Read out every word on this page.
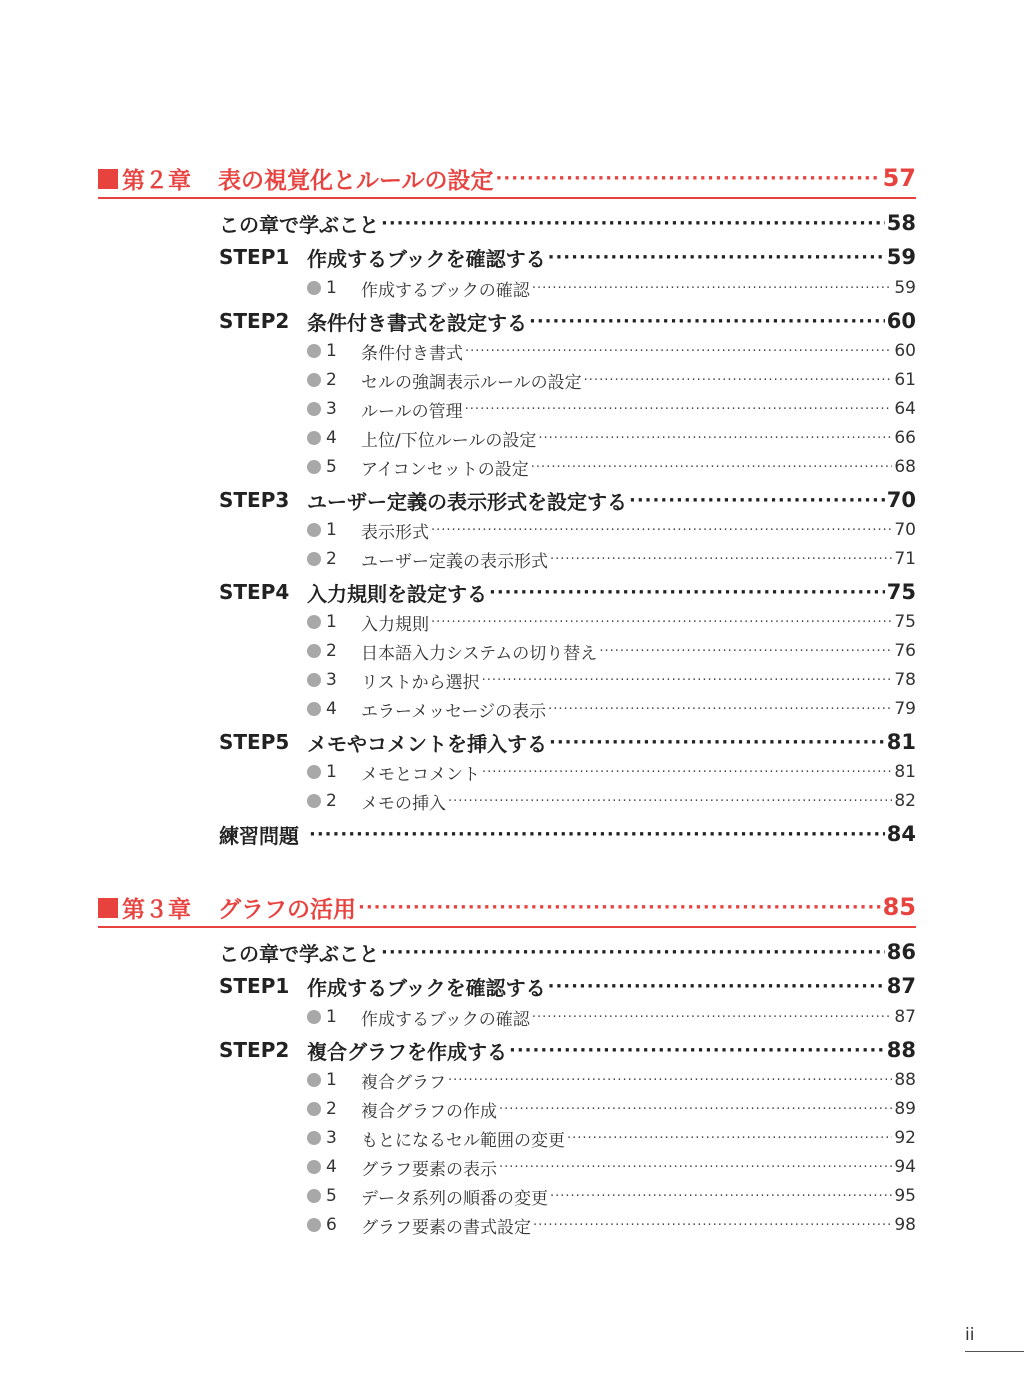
第２章	表の視覚化とルールの設定 ·····	57
この章で学ぶこと ·····	58
STEP1 作成するブックを確認する ·····	59
1	作成するブックの確認 ·····	59
STEP2 条件付き書式を設定する ·····	60
1	条件付き書式 ·····	60
2	セルの強調表示ルールの設定 ·····	61
3	ルールの管理 ·····	64
4	上位/下位ルールの設定 ·····	66
5	アイコンセットの設定 ·····	68
STEP3 ユーザー定義の表示形式を設定する ·····	70
1	表示形式 ·····	70
2	ユーザー定義の表示形式 ·····	71
STEP4 入力規則を設定する ·····	75
1	入力規則 ·····	75
2	日本語入力システムの切り替え ·····	76
3	リストから選択 ·····	78
4	エラーメッセージの表示 ·····	79
STEP5 メモやコメントを挿入する ·····	81
1	メモとコメント ·····	81
2	メモの挿入 ·····	82
練習問題 ·····	84
第３章	グラフの活用 ·····	85
この章で学ぶこと ·····	86
STEP1 作成するブックを確認する ·····	87
1	作成するブックの確認 ·····	87
STEP2 複合グラフを作成する ·····	88
1	複合グラフ ·····	88
2	複合グラフの作成 ·····	89
3	もとになるセル範囲の変更 ·····	92
4	グラフ要素の表示 ·····	94
5	データ系列の順番の変更 ·····	95
6	グラフ要素の書式設定 ·····	98
ii
